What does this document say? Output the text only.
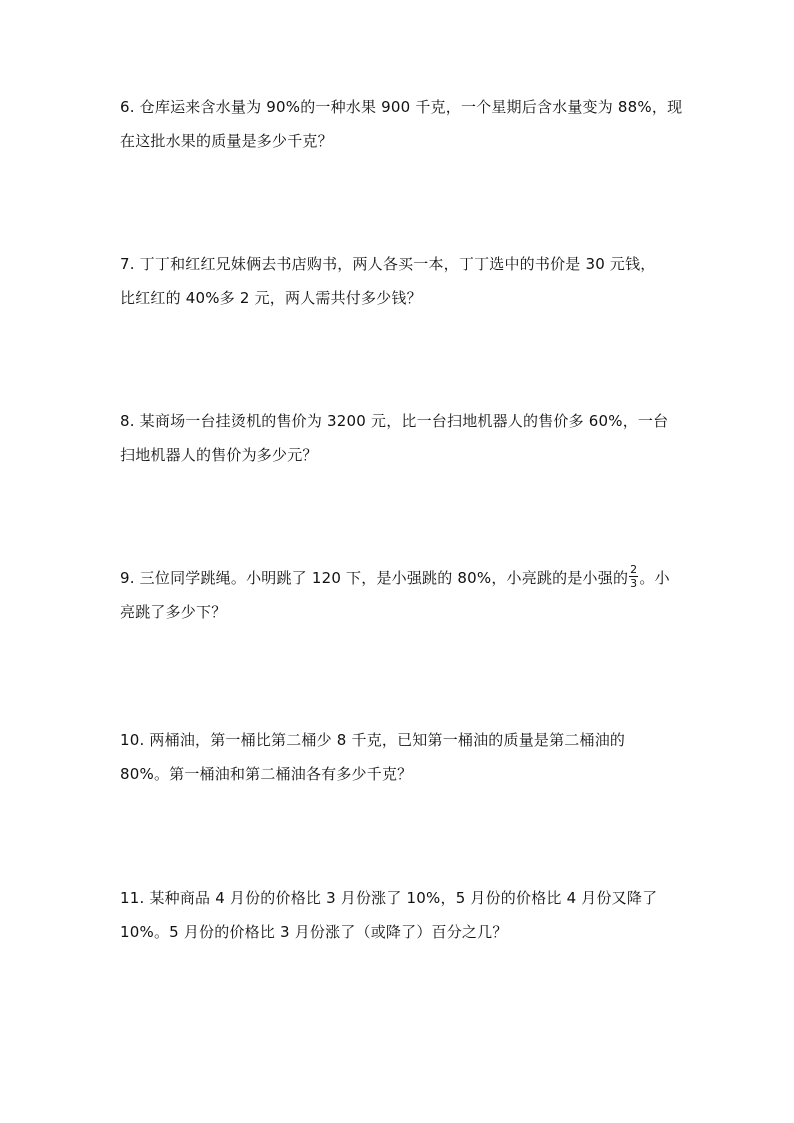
6. 仓库运来含水量为 90%的一种水果 900 千克，一个星期后含水量变为 88%，现
在这批水果的质量是多少千克？
7. 丁丁和红红兄妹俩去书店购书，两人各买一本，丁丁选中的书价是 30 元钱，
比红红的 40%多 2 元，两人需共付多少钱？
8. 某商场一台挂烫机的售价为 3200 元，比一台扫地机器人的售价多 60%，一台
扫地机器人的售价为多少元？
9. 三位同学跳绳。小明跳了 120 下，是小强跳的 80%，小亮跳的是小强的 $\frac{2}{3}$ 。小
亮跳了多少下？
10. 两桶油，第一桶比第二桶少 8 千克，已知第一桶油的质量是第二桶油的
80%。第一桶油和第二桶油各有多少千克？
11. 某种商品 4 月份的价格比 3 月份涨了 10%，5 月份的价格比 4 月份又降了
10%。5 月份的价格比 3 月份涨了（或降了）百分之几？
